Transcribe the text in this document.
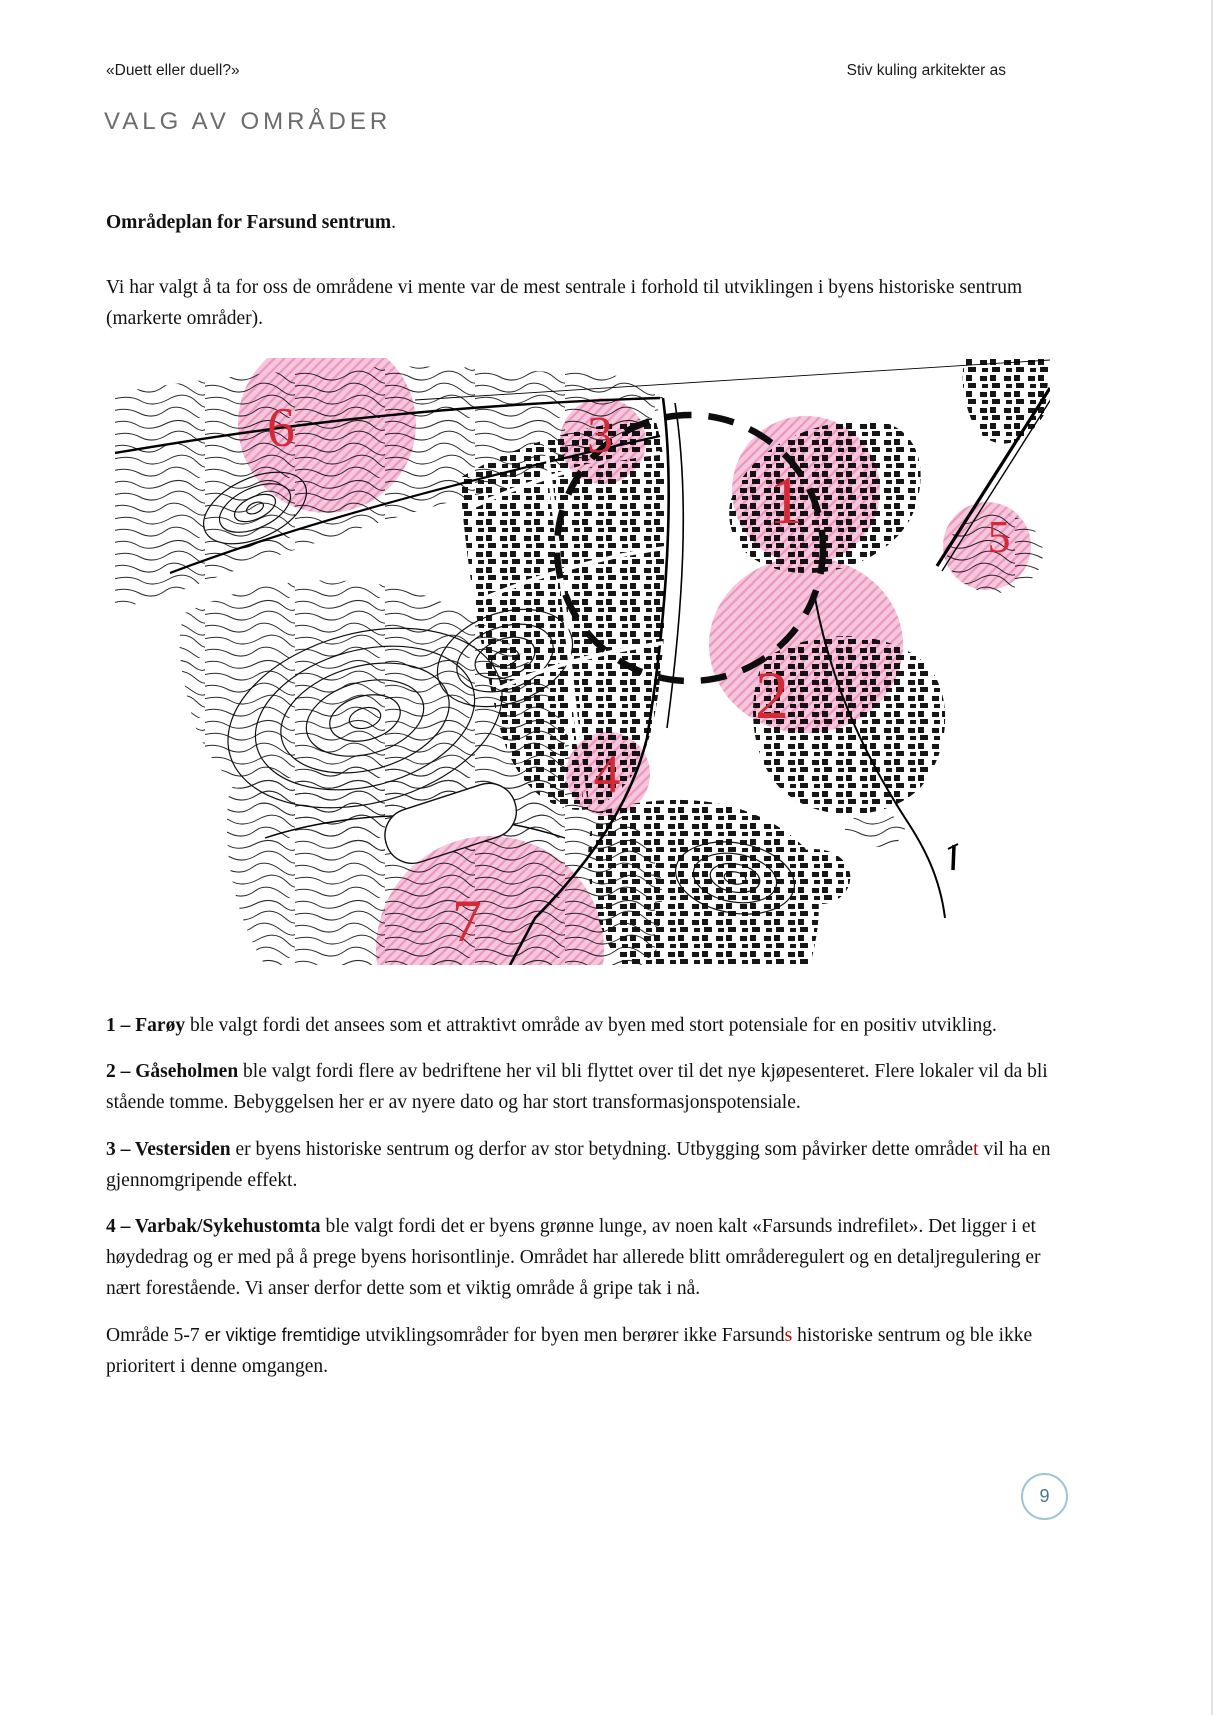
«Duett eller duell?»	Stiv kuling arkitekter as
VALG AV OMRÅDER

Områdeplan for Farsund sentrum.

Vi har valgt å ta for oss de områdene vi mente var de mest sentrale i forhold til utviklingen i byens historiske sentrum (markerte områder).

1
2
3
4
5
6
7

1 – Farøy ble valgt fordi det ansees som et attraktivt område av byen med stort potensiale for en positiv utvikling.

2 – Gåseholmen ble valgt fordi flere av bedriftene her vil bli flyttet over til det nye kjøpesenteret. Flere lokaler vil da bli stående tomme. Bebyggelsen her er av nyere dato og har stort transformasjonspotensiale.

3 – Vestersiden er byens historiske sentrum og derfor av stor betydning. Utbygging som påvirker dette området vil ha en gjennomgripende effekt.

4 – Varbak/Sykehustomta ble valgt fordi det er byens grønne lunge, av noen kalt «Farsunds indrefilet». Det ligger i et høydedrag og er med på å prege byens horisontlinje. Området har allerede blitt områderegulert og en detaljregulering er nært forestående. Vi anser derfor dette som et viktig område å gripe tak i nå.

Område 5-7 er viktige fremtidige utviklingsområder for byen men berører ikke Farsunds historiske sentrum og ble ikke prioritert i denne omgangen.

9
